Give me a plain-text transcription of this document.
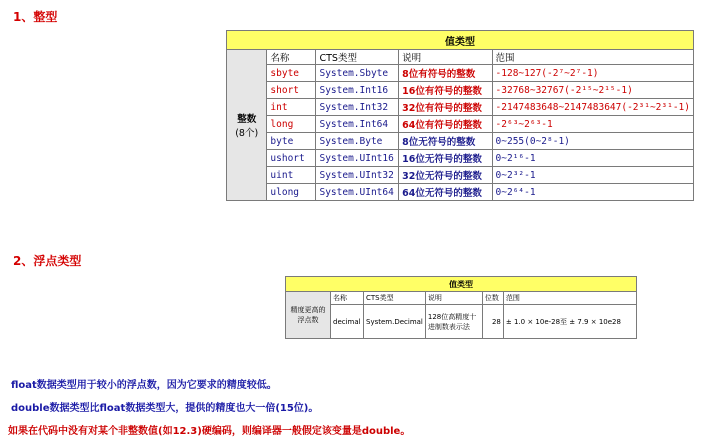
1、整型
值类型				

整数
(8个)	名称	CTS类型	说明	范围
	sbyte	System.Sbyte	8位有符号的整数	-128~127(-2⁷~2⁷-1)
	short	System.Int16	16位有符号的整数	-32768~32767(-2¹⁵~2¹⁵-1)
	int	System.Int32	32位有符号的整数	-2147483648~2147483647(-2³¹~2³¹-1)
	long	System.Int64	64位有符号的整数	-2⁶³~2⁶³-1
	byte	System.Byte	8位无符号的整数	0~255(0~2⁸-1)
	ushort	System.UInt16	16位无符号的整数	0~2¹⁶-1
	uint	System.UInt32	32位无符号的整数	0~2³²-1
	ulong	System.UInt64	64位无符号的整数	0~2⁶⁴-1
2、浮点类型
值类型					
精度更高的浮点数	名称	CTS类型	说明	位数	范围
	decimal	System.Decimal	128位高精度十进制数表示法	28	± 1.0 × 10e-28至 ± 7.9 × 10e28
float数据类型用于较小的浮点数，因为它要求的精度较低。
double数据类型比float数据类型大，提供的精度也大一倍(15位)。
如果在代码中没有对某个非整数值(如12.3)硬编码，则编译器一般假定该变量是double。
